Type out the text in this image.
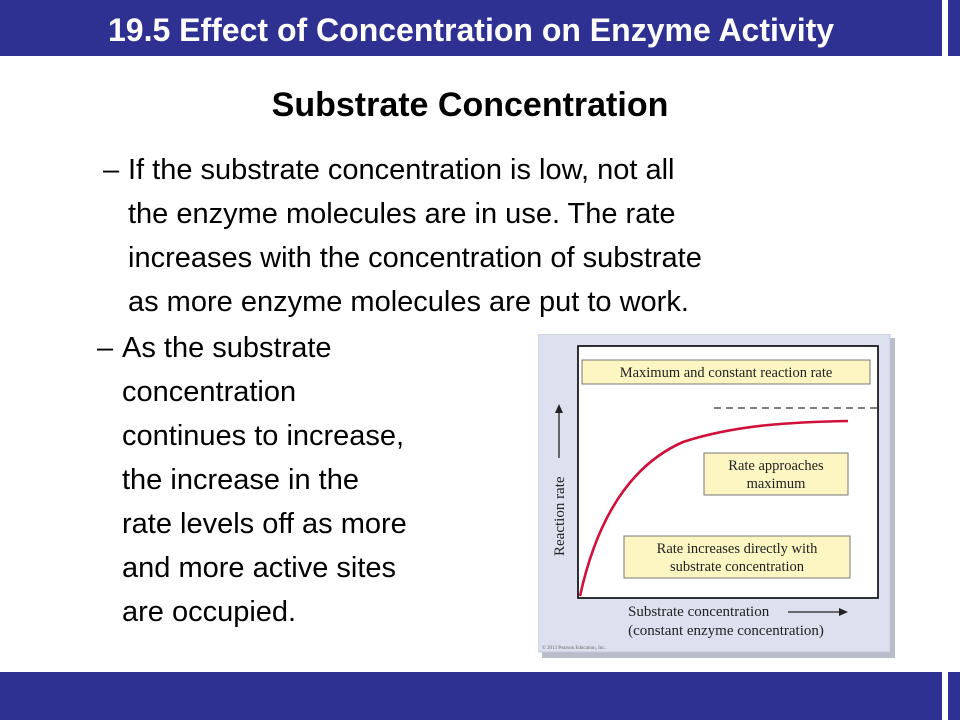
19.5 Effect of Concentration on Enzyme Activity
Substrate Concentration
– If the substrate concentration is low, not all
the enzyme molecules are in use. The rate
increases with the concentration of substrate
as more enzyme molecules are put to work.
– As the substrate
concentration
continues to increase,
the increase in the
rate levels off as more
and more active sites
are occupied.
Maximum and constant reaction rate
Rate approaches
maximum
Rate increases directly with
substrate concentration
Reaction rate
Substrate concentration
(constant enzyme concentration)
© 2013 Pearson Education, Inc.
